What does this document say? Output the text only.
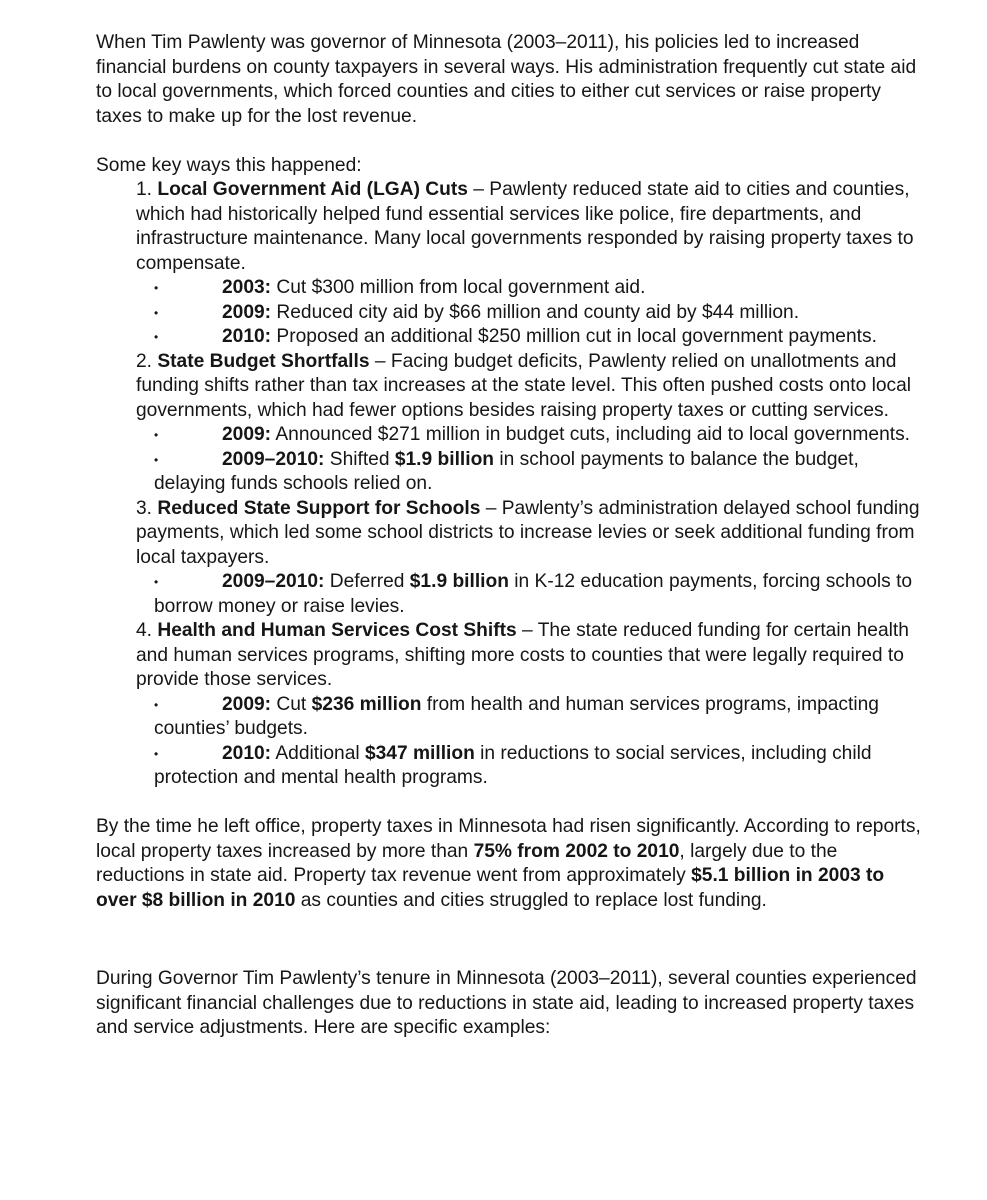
When Tim Pawlenty was governor of Minnesota (2003–2011), his policies led to increased financial burdens on county taxpayers in several ways. His administration frequently cut state aid to local governments, which forced counties and cities to either cut services or raise property taxes to make up for the lost revenue.

Some key ways this happened:

1. Local Government Aid (LGA) Cuts – Pawlenty reduced state aid to cities and counties, which had historically helped fund essential services like police, fire departments, and infrastructure maintenance. Many local governments responded by raising property taxes to compensate.

•	2003: Cut $300 million from local government aid.

•	2009: Reduced city aid by $66 million and county aid by $44 million.

•	2010: Proposed an additional $250 million cut in local government payments.

2. State Budget Shortfalls – Facing budget deficits, Pawlenty relied on unallotments and funding shifts rather than tax increases at the state level. This often pushed costs onto local governments, which had fewer options besides raising property taxes or cutting services.

•	2009: Announced $271 million in budget cuts, including aid to local governments.

•	2009–2010: Shifted $1.9 billion in school payments to balance the budget, delaying funds schools relied on.

3. Reduced State Support for Schools – Pawlenty’s administration delayed school funding payments, which led some school districts to increase levies or seek additional funding from local taxpayers.

•	2009–2010: Deferred $1.9 billion in K-12 education payments, forcing schools to borrow money or raise levies.

4. Health and Human Services Cost Shifts – The state reduced funding for certain health and human services programs, shifting more costs to counties that were legally required to provide those services.

•	2009: Cut $236 million from health and human services programs, impacting counties’ budgets.

•	2010: Additional $347 million in reductions to social services, including child protection and mental health programs.

By the time he left office, property taxes in Minnesota had risen significantly. According to reports, local property taxes increased by more than 75% from 2002 to 2010, largely due to the reductions in state aid. Property tax revenue went from approximately $5.1 billion in 2003 to over $8 billion in 2010 as counties and cities struggled to replace lost funding.

During Governor Tim Pawlenty’s tenure in Minnesota (2003–2011), several counties experienced significant financial challenges due to reductions in state aid, leading to increased property taxes and service adjustments. Here are specific examples:
